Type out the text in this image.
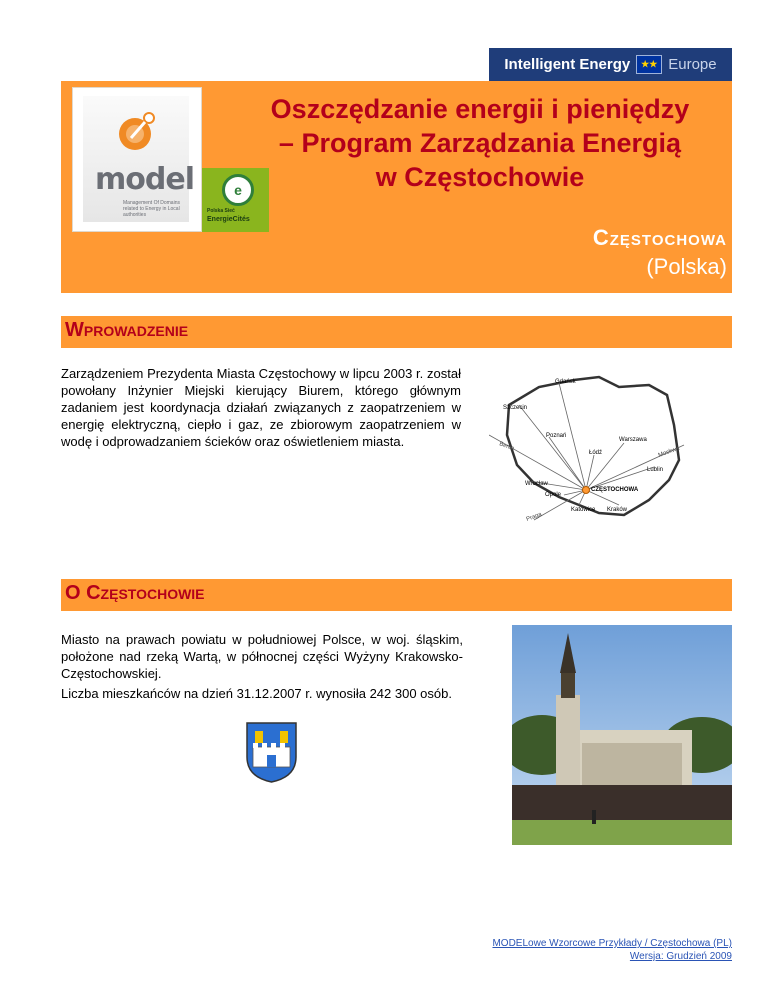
Intelligent Energy	★★ Europe
model
Management Of Domains related to Energy in Local authorities
e
Polska Sieć
EnergieCités
Oszczędzanie energii i pieniędzy
– Program Zarządzania Energią
w Częstochowie
Częstochowa
(Polska)
Wprowadzenie
Zarządzeniem Prezydenta Miasta Częstochowy w lipcu 2003 r. został powołany Inżynier Miejski kierujący Biurem, którego głównym zadaniem jest koordynacja działań związanych z zaopatrzeniem w energię elektryczną, ciepło i gaz, ze zbiorowym zaopatrzeniem w wodę i odprowadzaniem ścieków oraz oświetleniem miasta.
Gdańsk
Szczecin
Poznań
Warszawa
Łódź
Lublin
Wrocław
Opole
CZĘSTOCHOWA
Katowice Kraków
Berlin	Moskwa
Praga
O Częstochowie
Miasto na prawach powiatu w południowej Polsce, w woj. śląskim, położone nad rzeką Wartą, w północnej części Wyżyny Krakowsko-Częstochowskiej.
Liczba mieszkańców na dzień 31.12.2007 r. wynosiła 242 300 osób.
MODELowe Wzorcowe Przykłady / Częstochowa (PL)
Wersja: Grudzień 2009
